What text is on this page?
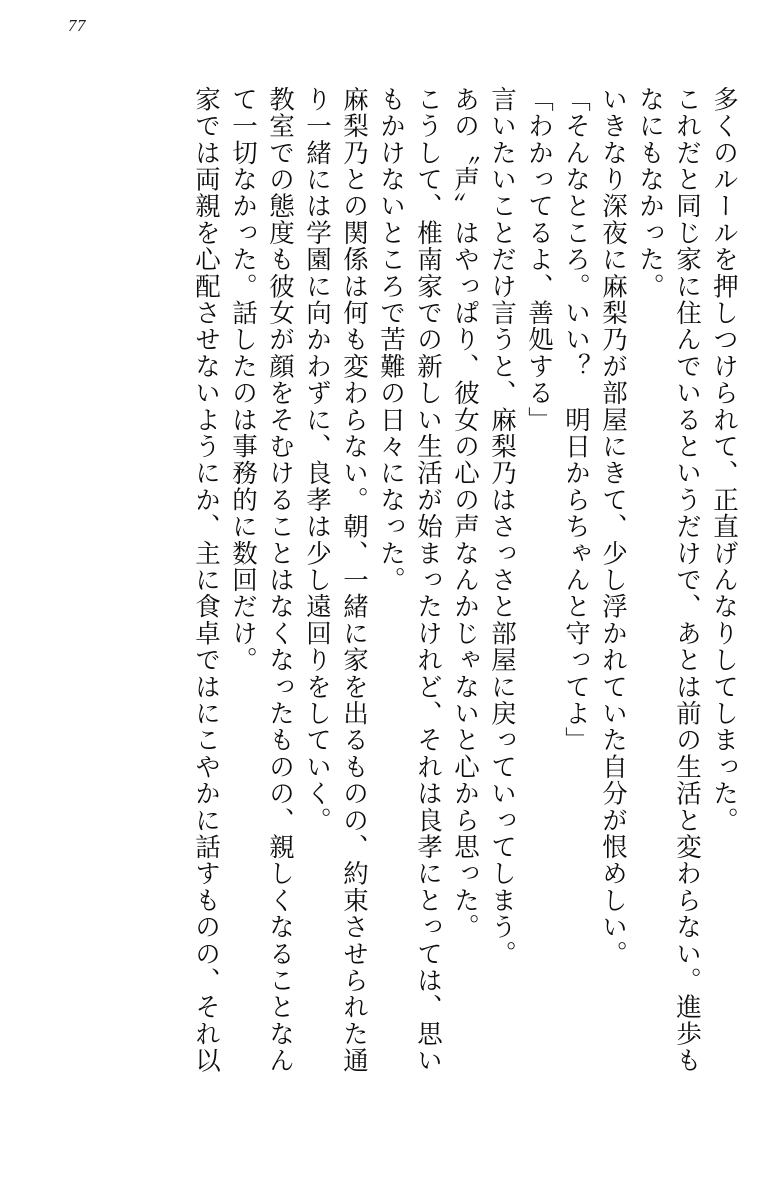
77
多くのルールを押しつけられて、正直げんなりしてしまった。
これだと同じ家に住んでいるというだけで、あとは前の生活と変わらない。進歩も
なにもなかった。
いきなり深夜に麻梨乃が部屋にきて、少し浮かれていた自分が恨めしい。
「そんなところ。いい？　明日からちゃんと守ってよ」
「わかってるよ、善処する」
言いたいことだけ言うと、麻梨乃はさっさと部屋に戻っていってしまう。
あの〝声〟はやっぱり、彼女の心の声なんかじゃないと心から思った。
こうして、椎南家での新しい生活が始まったけれど、それは良孝にとっては、思い
もかけないところで苦難の日々になった。
麻梨乃との関係は何も変わらない。朝、一緒に家を出るものの、約束させられた通
り一緒には学園に向かわずに、良孝は少し遠回りをしていく。
教室での態度も彼女が顔をそむけることはなくなったものの、親しくなることなん
て一切なかった。話したのは事務的に数回だけ。
家では両親を心配させないようにか、主に食卓ではにこやかに話すものの、それ以
